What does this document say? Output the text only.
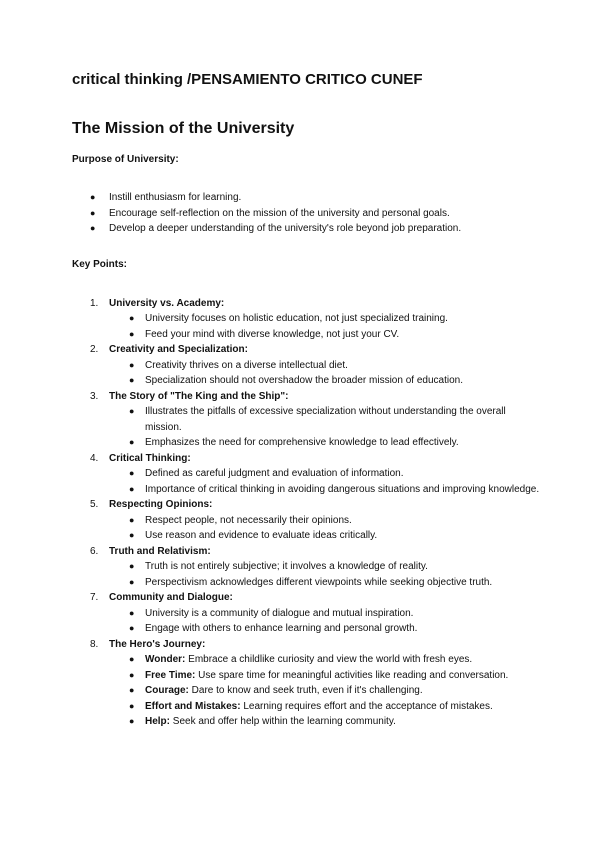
critical thinking /PENSAMIENTO CRITICO CUNEF
The Mission of the University
Purpose of University:
● Instill enthusiasm for learning.
● Encourage self-reflection on the mission of the university and personal goals.
● Develop a deeper understanding of the university's role beyond job preparation.
Key Points:
1. University vs. Academy:
● University focuses on holistic education, not just specialized training.
● Feed your mind with diverse knowledge, not just your CV.
2. Creativity and Specialization:
● Creativity thrives on a diverse intellectual diet.
● Specialization should not overshadow the broader mission of education.
3. The Story of "The King and the Ship":
● Illustrates the pitfalls of excessive specialization without understanding the overall mission.
● Emphasizes the need for comprehensive knowledge to lead effectively.
4. Critical Thinking:
● Defined as careful judgment and evaluation of information.
● Importance of critical thinking in avoiding dangerous situations and improving knowledge.
5. Respecting Opinions:
● Respect people, not necessarily their opinions.
● Use reason and evidence to evaluate ideas critically.
6. Truth and Relativism:
● Truth is not entirely subjective; it involves a knowledge of reality.
● Perspectivism acknowledges different viewpoints while seeking objective truth.
7. Community and Dialogue:
● University is a community of dialogue and mutual inspiration.
● Engage with others to enhance learning and personal growth.
8. The Hero's Journey:
● Wonder: Embrace a childlike curiosity and view the world with fresh eyes.
● Free Time: Use spare time for meaningful activities like reading and conversation.
● Courage: Dare to know and seek truth, even if it's challenging.
● Effort and Mistakes: Learning requires effort and the acceptance of mistakes.
● Help: Seek and offer help within the learning community.
